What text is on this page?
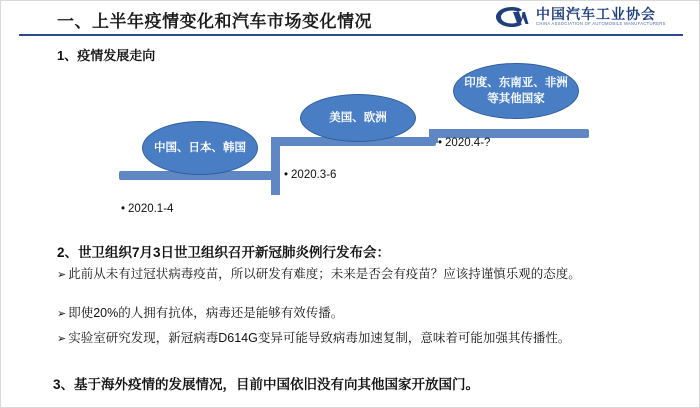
一、上半年疫情变化和汽车市场变化情况	中国汽车工业协会
CHINA ASSOCIATION OF AUTOMOBILE MANUFACTURERS
1、疫情发展走向
中国、日本、韩国
美国、欧洲
印度、东南亚、非洲等其他国家
• 2020.1-4
• 2020.3-6
• 2020.4-?
2、世卫组织7月3日世卫组织召开新冠肺炎例行发布会：
➢ 此前从未有过冠状病毒疫苗，所以研发有难度；未来是否会有疫苗？应该持谨慎乐观的态度。
➢ 即使20%的人拥有抗体，病毒还是能够有效传播。
➢ 实验室研究发现，新冠病毒D614G变异可能导致病毒加速复制，意味着可能加强其传播性。
3、基于海外疫情的发展情况，目前中国依旧没有向其他国家开放国门。
